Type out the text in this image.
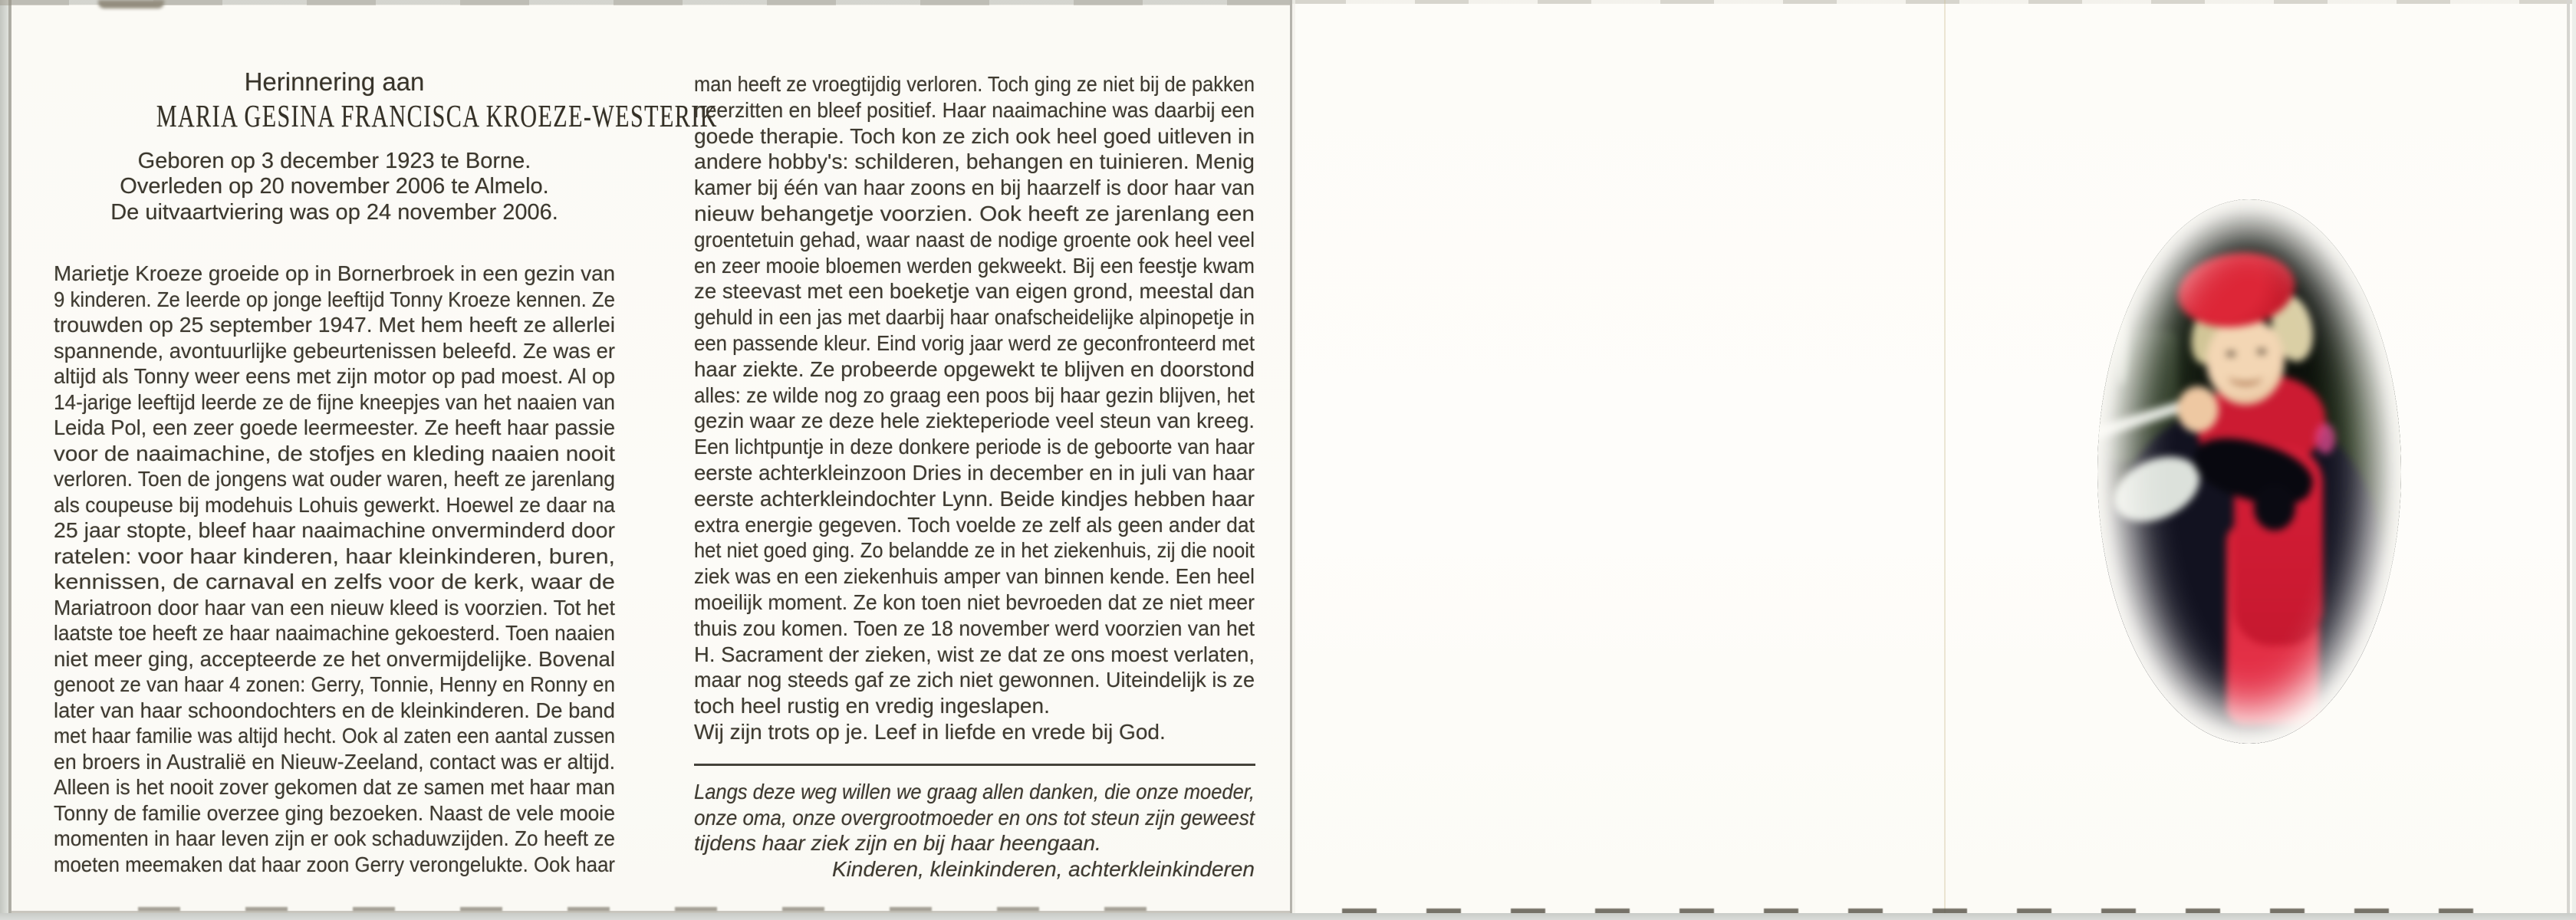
Herinnering aan
MARIA GESINA FRANCISCA KROEZE-WESTERIK
Geboren op 3 december 1923 te Borne.
Overleden op 20 november 2006 te Almelo.
De uitvaartviering was op 24 november 2006.
Marietje Kroeze groeide op in Bornerbroek in een gezin van
9 kinderen. Ze leerde op jonge leeftijd Tonny Kroeze kennen. Ze
trouwden op 25 september 1947. Met hem heeft ze allerlei
spannende, avontuurlijke gebeurtenissen beleefd. Ze was er
altijd als Tonny weer eens met zijn motor op pad moest. Al op
14-jarige leeftijd leerde ze de fijne kneepjes van het naaien van
Leida Pol, een zeer goede leermeester. Ze heeft haar passie
voor de naaimachine, de stofjes en kleding naaien nooit
verloren. Toen de jongens wat ouder waren, heeft ze jarenlang
als coupeuse bij modehuis Lohuis gewerkt. Hoewel ze daar na
25 jaar stopte, bleef haar naaimachine onverminderd door
ratelen: voor haar kinderen, haar kleinkinderen, buren,
kennissen, de carnaval en zelfs voor de kerk, waar de
Mariatroon door haar van een nieuw kleed is voorzien. Tot het
laatste toe heeft ze haar naaimachine gekoesterd. Toen naaien
niet meer ging, accepteerde ze het onvermijdelijke. Bovenal
genoot ze van haar 4 zonen: Gerry, Tonnie, Henny en Ronny en
later van haar schoondochters en de kleinkinderen. De band
met haar familie was altijd hecht. Ook al zaten een aantal zussen
en broers in Australië en Nieuw-Zeeland, contact was er altijd.
Alleen is het nooit zover gekomen dat ze samen met haar man
Tonny de familie overzee ging bezoeken. Naast de vele mooie
momenten in haar leven zijn er ook schaduwzijden. Zo heeft ze
moeten meemaken dat haar zoon Gerry verongelukte. Ook haar
man heeft ze vroegtijdig verloren. Toch ging ze niet bij de pakken
neerzitten en bleef positief. Haar naaimachine was daarbij een
goede therapie. Toch kon ze zich ook heel goed uitleven in
andere hobby's: schilderen, behangen en tuinieren. Menig
kamer bij één van haar zoons en bij haarzelf is door haar van
nieuw behangetje voorzien. Ook heeft ze jarenlang een
groentetuin gehad, waar naast de nodige groente ook heel veel
en zeer mooie bloemen werden gekweekt. Bij een feestje kwam
ze steevast met een boeketje van eigen grond, meestal dan
gehuld in een jas met daarbij haar onafscheidelijke alpinopetje in
een passende kleur. Eind vorig jaar werd ze geconfronteerd met
haar ziekte. Ze probeerde opgewekt te blijven en doorstond
alles: ze wilde nog zo graag een poos bij haar gezin blijven, het
gezin waar ze deze hele ziekteperiode veel steun van kreeg.
Een lichtpuntje in deze donkere periode is de geboorte van haar
eerste achterkleinzoon Dries in december en in juli van haar
eerste achterkleindochter Lynn. Beide kindjes hebben haar
extra energie gegeven. Toch voelde ze zelf als geen ander dat
het niet goed ging. Zo belandde ze in het ziekenhuis, zij die nooit
ziek was en een ziekenhuis amper van binnen kende. Een heel
moeilijk moment. Ze kon toen niet bevroeden dat ze niet meer
thuis zou komen. Toen ze 18 november werd voorzien van het
H. Sacrament der zieken, wist ze dat ze ons moest verlaten,
maar nog steeds gaf ze zich niet gewonnen. Uiteindelijk is ze
toch heel rustig en vredig ingeslapen.
Wij zijn trots op je. Leef in liefde en vrede bij God.
Langs deze weg willen we graag allen danken, die onze moeder,
onze oma, onze overgrootmoeder en ons tot steun zijn geweest
tijdens haar ziek zijn en bij haar heengaan.
Kinderen, kleinkinderen, achterkleinkinderen
